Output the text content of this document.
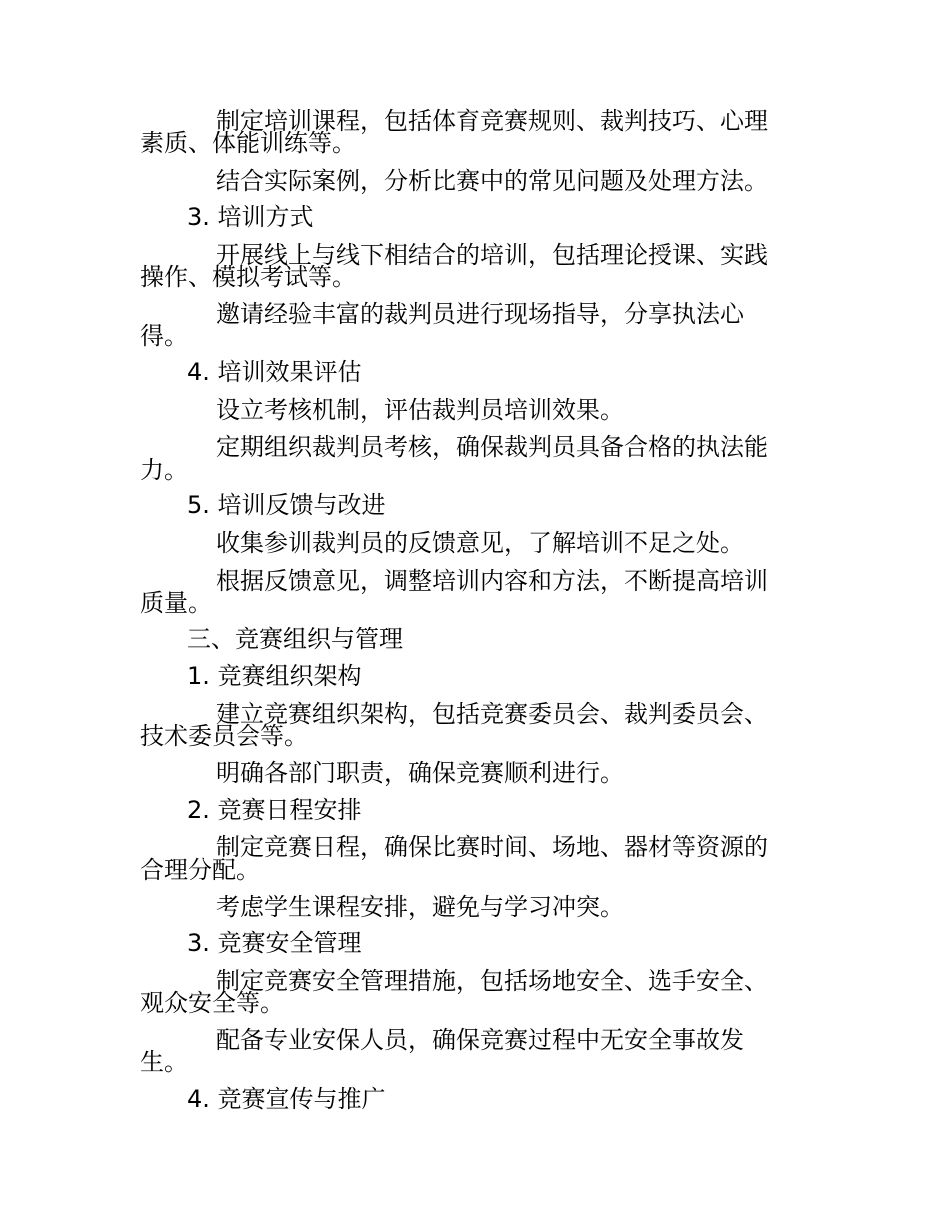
制定培训课程，包括体育竞赛规则、裁判技巧、心理
素质、体能训练等。
结合实际案例，分析比赛中的常见问题及处理方法。
3. 培训方式
开展线上与线下相结合的培训，包括理论授课、实践
操作、模拟考试等。
邀请经验丰富的裁判员进行现场指导，分享执法心
得。
4. 培训效果评估
设立考核机制，评估裁判员培训效果。
定期组织裁判员考核，确保裁判员具备合格的执法能
力。
5. 培训反馈与改进
收集参训裁判员的反馈意见，了解培训不足之处。
根据反馈意见，调整培训内容和方法，不断提高培训
质量。
三、竞赛组织与管理
1. 竞赛组织架构
建立竞赛组织架构，包括竞赛委员会、裁判委员会、
技术委员会等。
明确各部门职责，确保竞赛顺利进行。
2. 竞赛日程安排
制定竞赛日程，确保比赛时间、场地、器材等资源的
合理分配。
考虑学生课程安排，避免与学习冲突。
3. 竞赛安全管理
制定竞赛安全管理措施，包括场地安全、选手安全、
观众安全等。
配备专业安保人员，确保竞赛过程中无安全事故发
生。
4. 竞赛宣传与推广
